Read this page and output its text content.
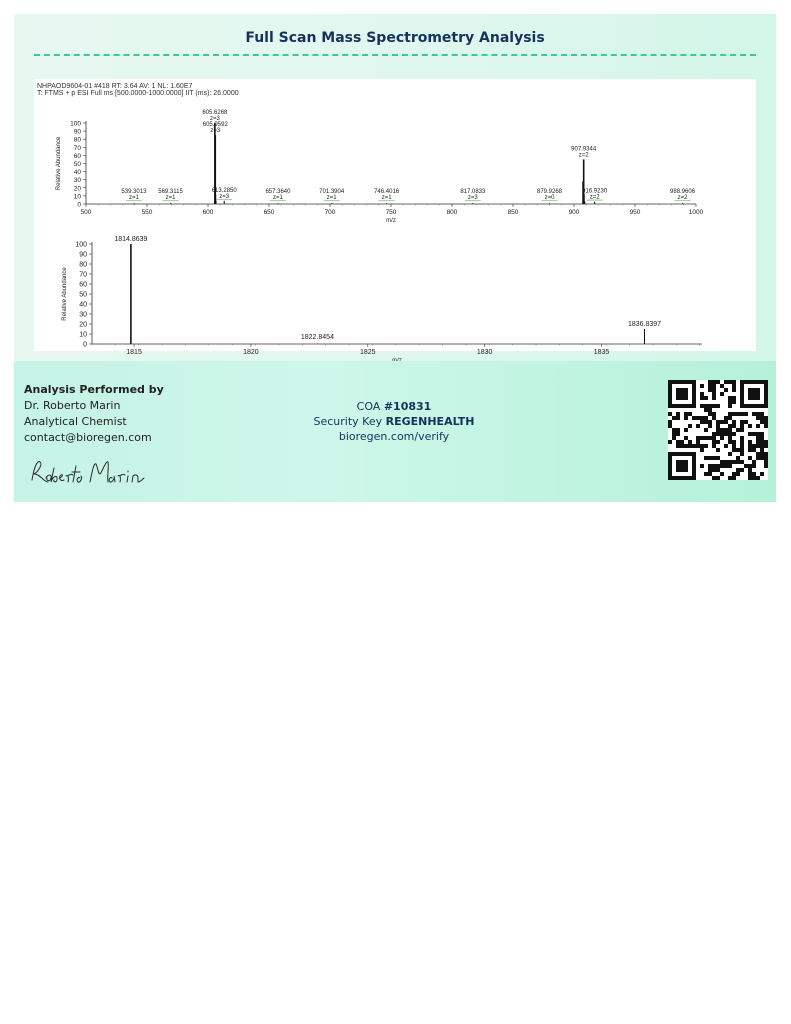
Full Scan Mass Spectrometry Analysis
NHPAOD9604-01 #418 RT: 3.64 AV: 1 NL: 1.60E7
T: FTMS + p ESI Full ms [500.0000-1000.0000] IIT (ms): 26.0000
0
10
20
30
40
50
60
70
80
90
100
500	550	600	650	700	750	800	850	900	950	1000
m/z
Relative Abundance
539.3013
z=1
569.3115
z=1
605.6268
z=3
605.9592
z=3
613.2850
z=3
657.3640
z=1
701.3904
z=1
746.4016
z=1
817.0833
z=3
879.9268
z=0
907.9344
z=2
916.9230
z=2
988.9606
z=2
0
10
20
30
40
50
60
70
80
90
100
1815	1820	1825	1830	1835
Relative Abundance
1814.8639
1822.8454
1836.8397
Analysis Performed by
Dr. Roberto Marin
Analytical Chemist
contact@bioregen.com
COA #10831
Security Key REGENHEALTH
bioregen.com/verify
